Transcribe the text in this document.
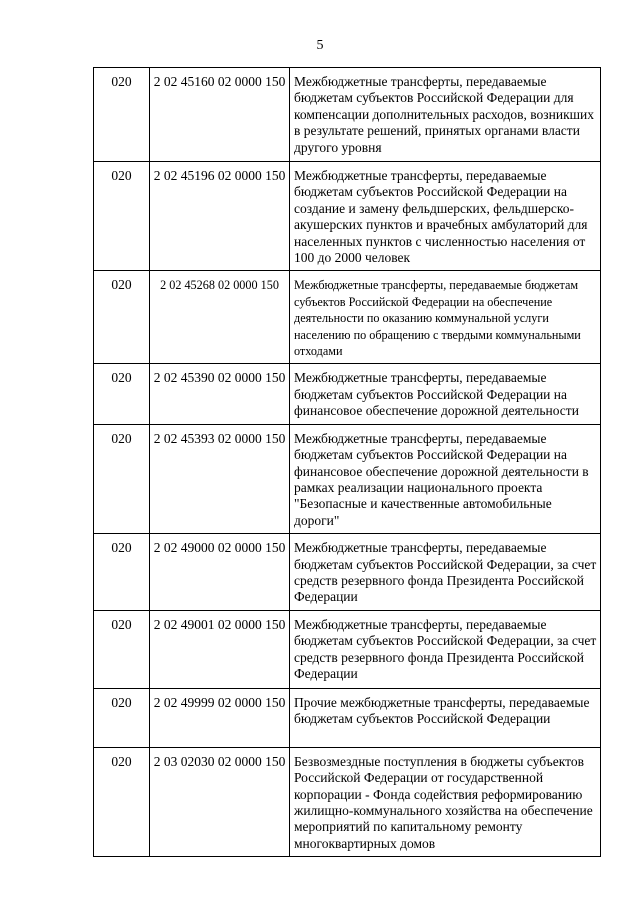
5
020	2 02 45160 02 0000 150	Межбюджетные трансферты, передаваемые бюджетам субъектов Российской Федерации для компенсации дополнительных расходов, возникших в результате решений, принятых органами власти другого уровня
020	2 02 45196 02 0000 150	Межбюджетные трансферты, передаваемые бюджетам субъектов Российской Федерации на создание и замену фельдшерских, фельдшерско-акушерских пунктов и врачебных амбулаторий для населенных пунктов с численностью населения от 100 до 2000 человек
020	2 02 45268 02 0000 150	Межбюджетные трансферты, передаваемые бюджетам субъектов Российской Федерации на обеспечение деятельности по оказанию коммунальной услуги населению по обращению с твердыми коммунальными отходами
020	2 02 45390 02 0000 150	Межбюджетные трансферты, передаваемые бюджетам субъектов Российской Федерации на финансовое обеспечение дорожной деятельности
020	2 02 45393 02 0000 150	Межбюджетные трансферты, передаваемые бюджетам субъектов Российской Федерации на финансовое обеспечение дорожной деятельности в рамках реализации национального проекта "Безопасные и качественные автомобильные дороги"
020	2 02 49000 02 0000 150	Межбюджетные трансферты, передаваемые бюджетам субъектов Российской Федерации, за счет средств резервного фонда Президента Российской Федерации
020	2 02 49001 02 0000 150	Межбюджетные трансферты, передаваемые бюджетам субъектов Российской Федерации, за счет средств резервного фонда Президента Российской Федерации
020	2 02 49999 02 0000 150	Прочие межбюджетные трансферты, передаваемые бюджетам субъектов Российской Федерации
020	2 03 02030 02 0000 150	Безвозмездные поступления в бюджеты субъектов Российской Федерации от государственной корпорации - Фонда содействия реформированию жилищно-коммунального хозяйства на обеспечение мероприятий по капитальному ремонту многоквартирных домов
